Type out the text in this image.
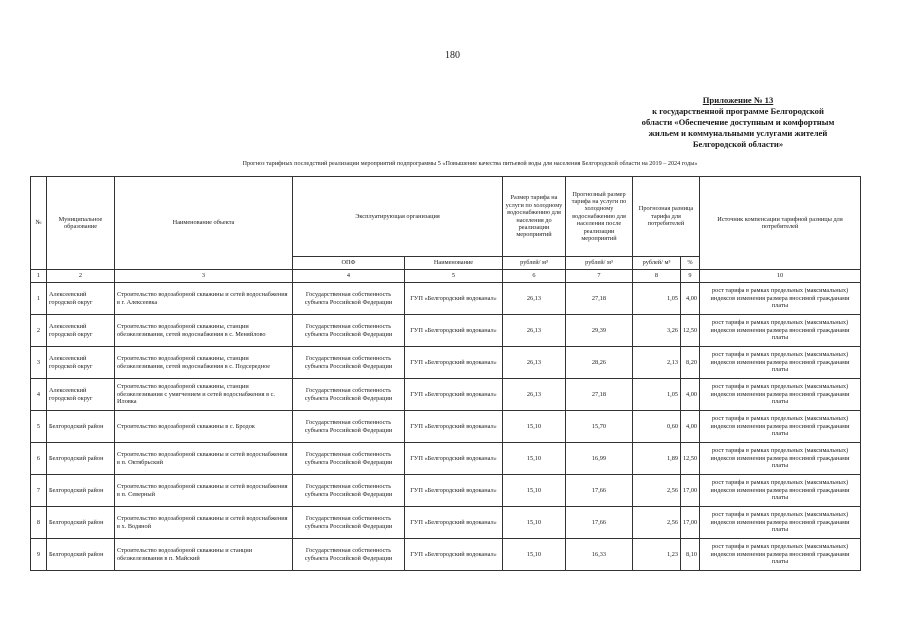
180
Приложение № 13
к государственной программе Белгородской
области «Обеспечение доступным и комфортным
жильем и коммунальными услугами жителей
Белгородской области»
Прогноз тарифных последствий реализации мероприятий подпрограммы 5 «Повышение качества питьевой воды для населения Белгородской области на 2019 – 2024 годы»
№	Муниципальное образование	Наименование объекта	Эксплуатирующая организация		Размер тарифа на услуги по холодному водоснабжению для населения до реализации мероприятий	Прогнозный размер тарифа на услуги по холодному водоснабжению для населения после реализации мероприятий	Прогнозная разница тарифа для потребителей		Источник компенсации тарифной разницы для потребителей
			ОПФ	Наименование	рублей/ м³	рублей/ м³	рублей/ м³	%	
1	2	3	4	5	6	7	8	9	10
1	Алексеевский городской округ	Строительство водозаборной скважины и сетей водоснабжения в г. Алексеевка	Государственная собственность субъекта Российской Федерации	ГУП «Белгородский водоканал»	26,13	27,18	1,05	4,00	рост тарифа в рамках предельных (максимальных) индексов изменения размера вносимой гражданами платы
2	Алексеевский городской округ	Строительство водозаборной скважины, станции обезжелезивания, сетей водоснабжения в с. Меняйлово	Государственная собственность субъекта Российской Федерации	ГУП «Белгородский водоканал»	26,13	29,39	3,26	12,50	рост тарифа в рамках предельных (максимальных) индексов изменения размера вносимой гражданами платы
3	Алексеевский городской округ	Строительство водозаборной скважины, станции обезжелезивания, сетей водоснабжения в с. Подсередное	Государственная собственность субъекта Российской Федерации	ГУП «Белгородский водоканал»	26,13	28,26	2,13	8,20	рост тарифа в рамках предельных (максимальных) индексов изменения размера вносимой гражданами платы
4	Алексеевский городской округ	Строительство водозаборной скважины, станции обезжелезивания с умягчением и сетей водоснабжения в с. Иловка	Государственная собственность субъекта Российской Федерации	ГУП «Белгородский водоканал»	26,13	27,18	1,05	4,00	рост тарифа в рамках предельных (максимальных) индексов изменения размера вносимой гражданами платы
5	Белгородский район	Строительство водозаборной скважины в с. Бродок	Государственная собственность субъекта Российской Федерации	ГУП «Белгородский водоканал»	15,10	15,70	0,60	4,00	рост тарифа в рамках предельных (максимальных) индексов изменения размера вносимой гражданами платы
6	Белгородский район	Строительство водозаборной скважины и сетей водоснабжения в п. Октябрьский	Государственная собственность субъекта Российской Федерации	ГУП «Белгородский водоканал»	15,10	16,99	1,89	12,50	рост тарифа в рамках предельных (максимальных) индексов изменения размера вносимой гражданами платы
7	Белгородский район	Строительство водозаборной скважины и сетей водоснабжения в п. Северный	Государственная собственность субъекта Российской Федерации	ГУП «Белгородский водоканал»	15,10	17,66	2,56	17,00	рост тарифа в рамках предельных (максимальных) индексов изменения размера вносимой гражданами платы
8	Белгородский район	Строительство водозаборной скважины и сетей водоснабжения в х. Водяной	Государственная собственность субъекта Российской Федерации	ГУП «Белгородский водоканал»	15,10	17,66	2,56	17,00	рост тарифа в рамках предельных (максимальных) индексов изменения размера вносимой гражданами платы
9	Белгородский район	Строительство водозаборной скважины и станции обезжелезивания в п. Майский	Государственная собственность субъекта Российской Федерации	ГУП «Белгородский водоканал»	15,10	16,33	1,23	8,10	рост тарифа в рамках предельных (максимальных) индексов изменения размера вносимой гражданами платы
